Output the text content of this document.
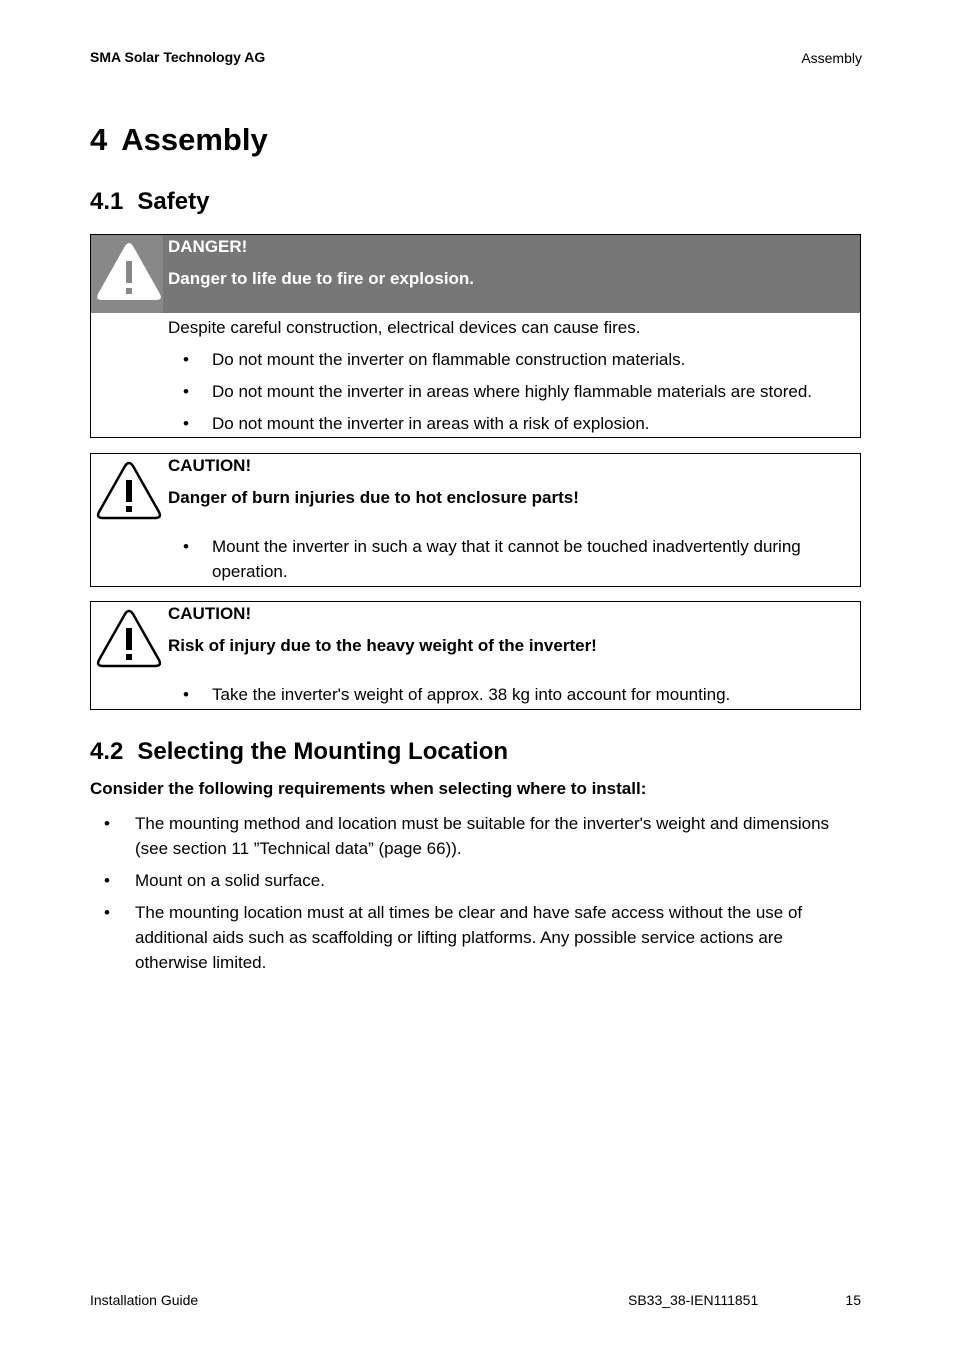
SMA Solar Technology AG	Assembly
4 Assembly
4.1 Safety
DANGER!
Danger to life due to fire or explosion.

Despite careful construction, electrical devices can cause fires.

• Do not mount the inverter on flammable construction materials.
• Do not mount the inverter in areas where highly flammable materials are stored.
• Do not mount the inverter in areas with a risk of explosion.
CAUTION!
Danger of burn injuries due to hot enclosure parts!
• Mount the inverter in such a way that it cannot be touched inadvertently during operation.
CAUTION!
Risk of injury due to the heavy weight of the inverter!
• Take the inverter's weight of approx. 38 kg into account for mounting.
4.2 Selecting the Mounting Location
Consider the following requirements when selecting where to install:
• The mounting method and location must be suitable for the inverter's weight and dimensions (see section 11 ”Technical data” (page 66)).
• Mount on a solid surface.
• The mounting location must at all times be clear and have safe access without the use of additional aids such as scaffolding or lifting platforms. Any possible service actions are otherwise limited.
Installation Guide	SB33_38-IEN111851	15
